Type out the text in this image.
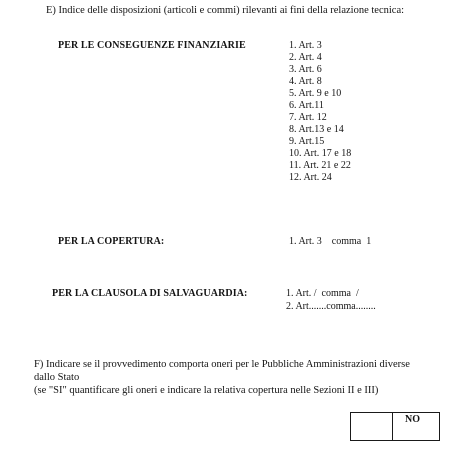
E) Indice delle disposizioni (articoli e commi) rilevanti ai fini della relazione tecnica:
PER LE CONSEGUENZE FINANZIARIE	1. Art. 3
2. Art. 4
3. Art. 6
4. Art. 8
5. Art. 9 e 10
6. Art.11
7. Art. 12
8. Art.13 e 14
9. Art.15
10. Art. 17 e 18
11. Art. 21 e 22
12. Art. 24
PER LA COPERTURA:	1. Art. 3    comma  1
PER LA CLAUSOLA DI SALVAGUARDIA:	1. Art. /  comma  /
2. Art.......comma........
F) Indicare se il provvedimento comporta oneri per le Pubbliche Amministrazioni diverse
dallo Stato
(se "SI" quantificare gli oneri e indicare la relativa copertura nelle Sezioni II e III)
NO
